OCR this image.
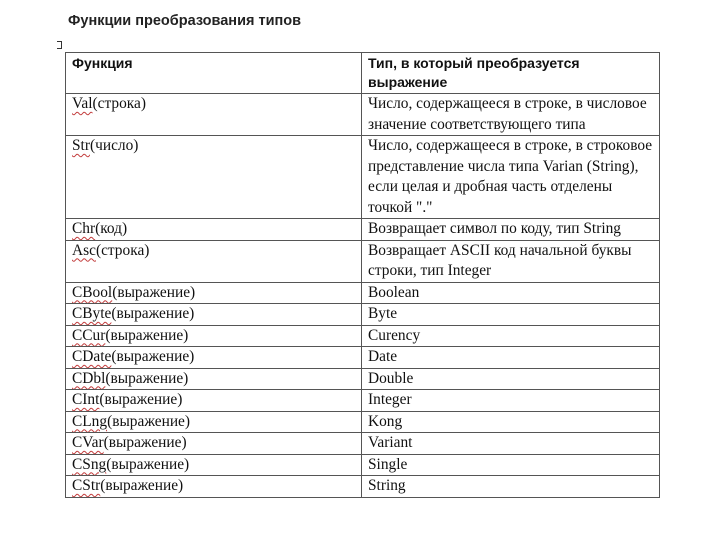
Функции преобразования типов
Функция	Тип, в который преобразуется выражение
Val(строка)	Число, содержащееся в строке, в числовое значение соответствующего типа
Str(число)	Число, содержащееся в строке, в строковое представление числа типа Varian (String), если целая и дробная часть отделены точкой "."
Chr(код)	Возвращает символ по коду, тип String
Asc(строка)	Возвращает ASCII код начальной буквы строки, тип Integer
CBool(выражение)	Boolean
CByte(выражение)	Byte
CCur(выражение)	Curency
CDate(выражение)	Date
CDbl(выражение)	Double
CInt(выражение)	Integer
CLng(выражение)	Kong
CVar(выражение)	Variant
CSng(выражение)	Single
CStr(выражение)	String
